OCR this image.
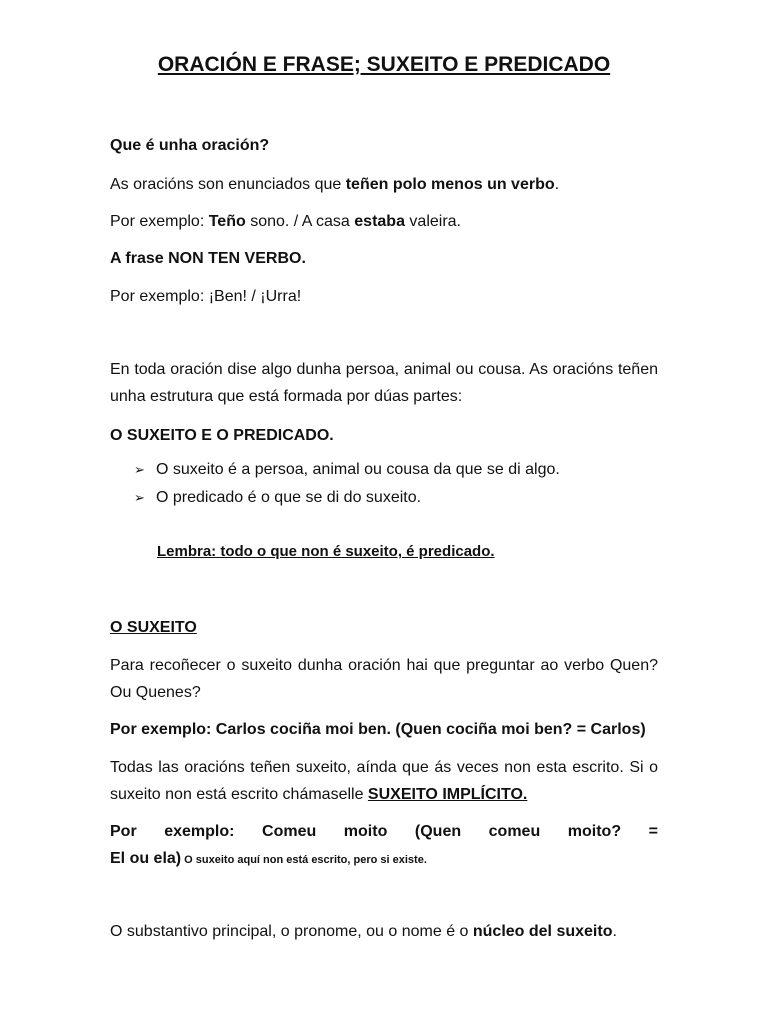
ORACIÓN E FRASE; SUXEITO E PREDICADO

Que é unha oración?

As oracións son enunciados que teñen polo menos un verbo.

Por exemplo: Teño sono. / A casa estaba valeira.

A frase NON TEN VERBO.

Por exemplo: ¡Ben! / ¡Urra!

En toda oración dise algo dunha persoa, animal ou cousa. As oracións teñen unha estrutura que está formada por dúas partes:

O SUXEITO E O PREDICADO.

➢ O suxeito é a persoa, animal ou cousa da que se di algo.
➢ O predicado é o que se di do suxeito.

Lembra: todo o que non é suxeito, é predicado.

O SUXEITO

Para recoñecer o suxeito dunha oración hai que preguntar ao verbo Quen? Ou Quenes?

Por exemplo: Carlos cociña moi ben. (Quen cociña moi ben? = Carlos)

Todas las oracións teñen suxeito, aínda que ás veces non esta escrito. Si o suxeito non está escrito chámaselle SUXEITO IMPLÍCITO.

Por exemplo: Comeu moito (Quen comeu moito? =
El ou ela) O suxeito aquí non está escrito, pero si existe.

O substantivo principal, o pronome, ou o nome é o núcleo del suxeito.
